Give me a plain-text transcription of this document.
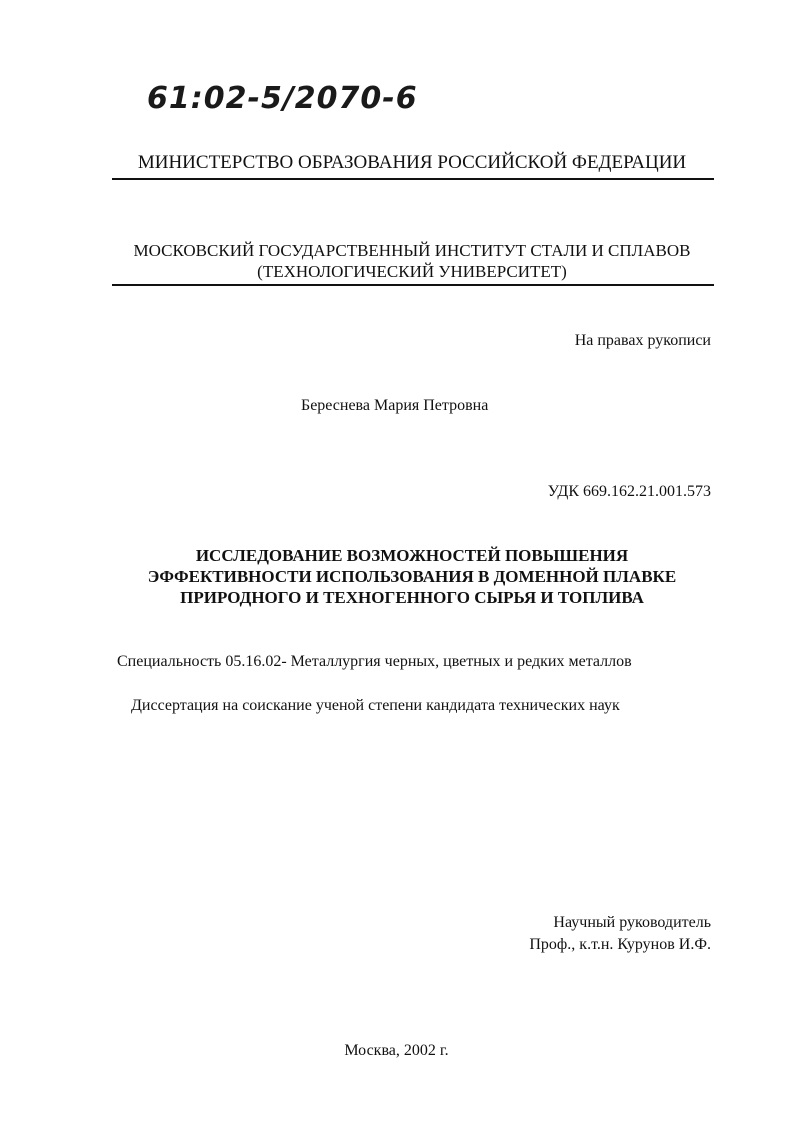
61:02-5/2070-6
МИНИСТЕРСТВО ОБРАЗОВАНИЯ РОССИЙСКОЙ ФЕДЕРАЦИИ
МОСКОВСКИЙ ГОСУДАРСТВЕННЫЙ ИНСТИТУТ СТАЛИ И СПЛАВОВ
(ТЕХНОЛОГИЧЕСКИЙ УНИВЕРСИТЕТ)
На правах рукописи
Береснева Мария Петровна
УДК 669.162.21.001.573
ИССЛЕДОВАНИЕ ВОЗМОЖНОСТЕЙ ПОВЫШЕНИЯ
ЭФФЕКТИВНОСТИ ИСПОЛЬЗОВАНИЯ В ДОМЕННОЙ ПЛАВКЕ
ПРИРОДНОГО И ТЕХНОГЕННОГО СЫРЬЯ И ТОПЛИВА
Специальность 05.16.02- Металлургия черных, цветных и редких металлов
Диссертация на соискание ученой степени кандидата технических наук
Научный руководитель
Проф., к.т.н. Курунов И.Ф.
Москва, 2002 г.
